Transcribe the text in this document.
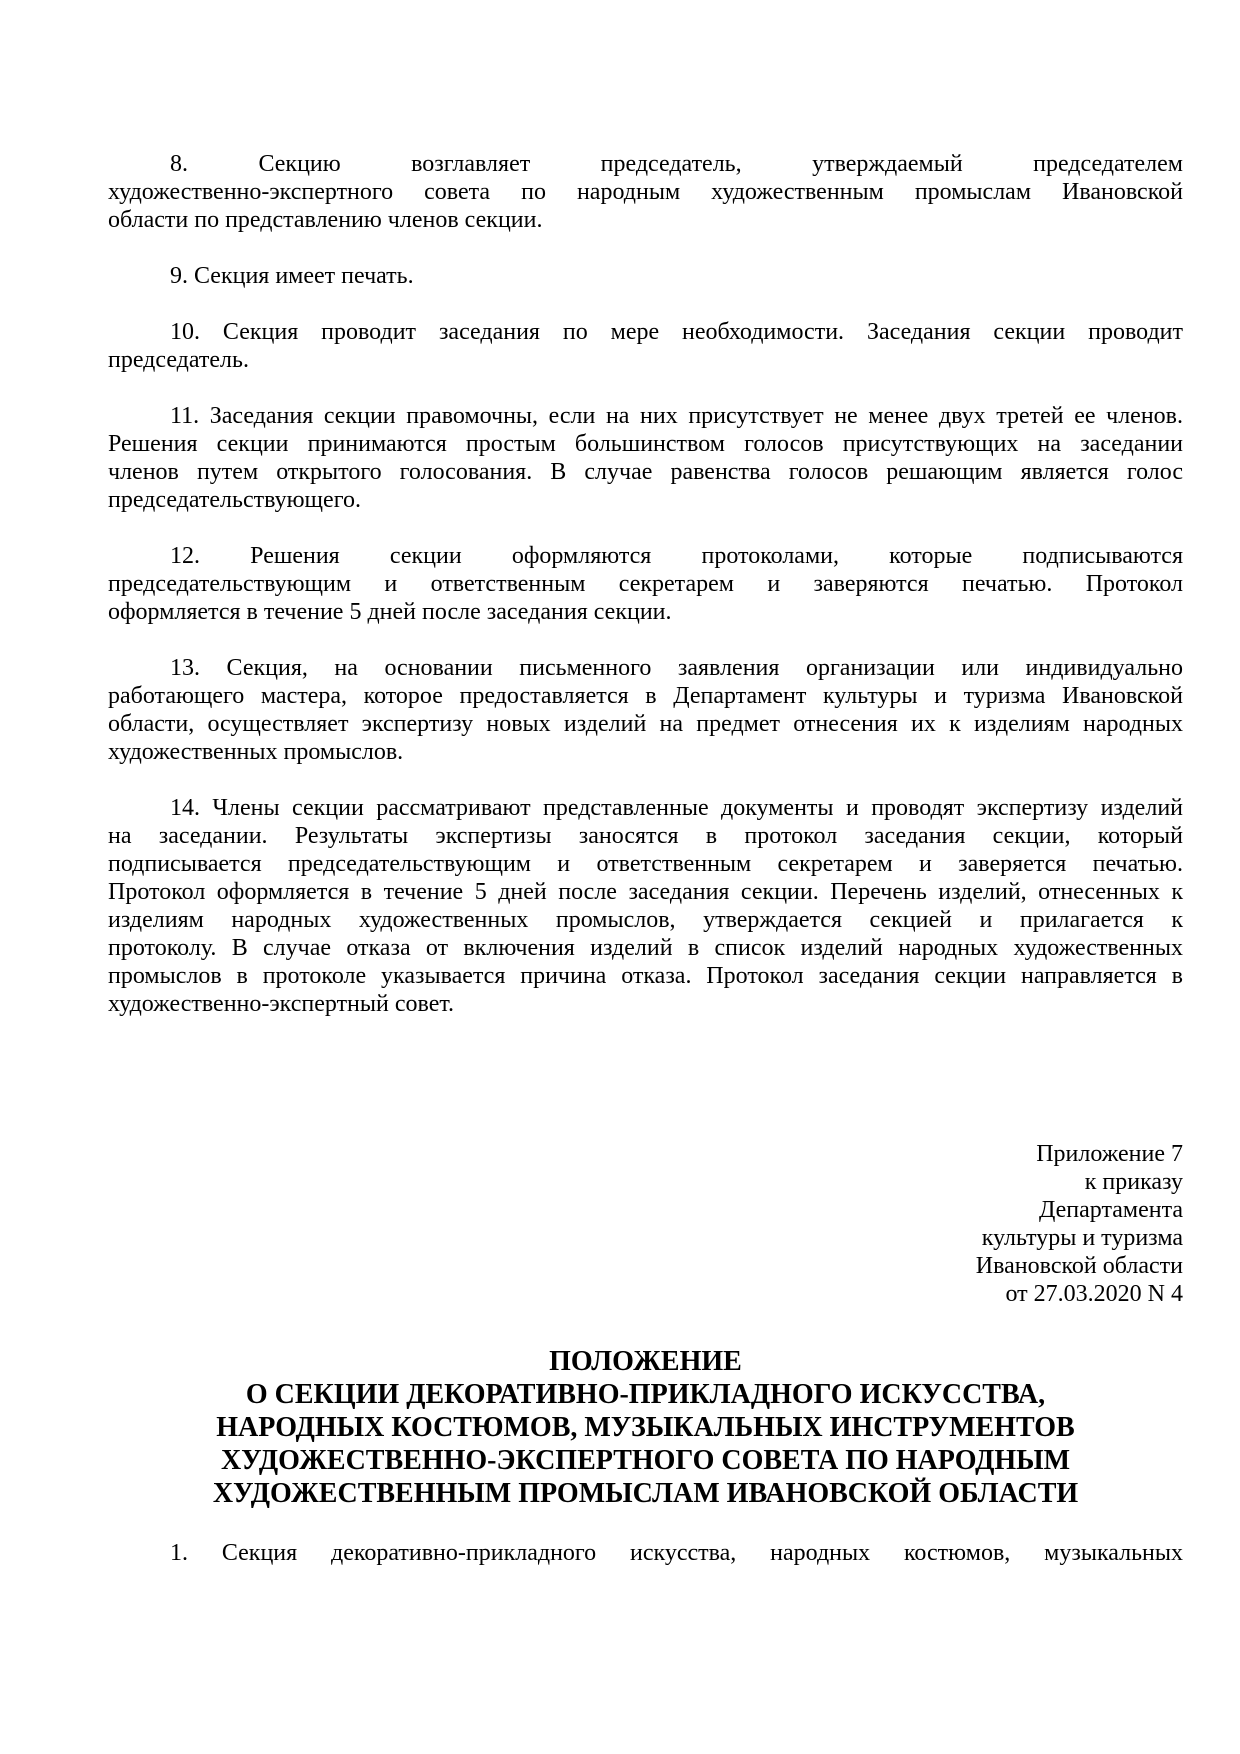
8. Секцию возглавляет председатель, утверждаемый председателем
художественно-экспертного совета по народным художественным промыслам Ивановской
области по представлению членов секции.
9. Секция имеет печать.
10. Секция проводит заседания по мере необходимости. Заседания секции проводит
председатель.
11. Заседания секции правомочны, если на них присутствует не менее двух третей ее членов.
Решения секции принимаются простым большинством голосов присутствующих на заседании
членов путем открытого голосования. В случае равенства голосов решающим является голос
председательствующего.
12. Решения секции оформляются протоколами, которые подписываются
председательствующим и ответственным секретарем и заверяются печатью. Протокол
оформляется в течение 5 дней после заседания секции.
13. Секция, на основании письменного заявления организации или индивидуально
работающего мастера, которое предоставляется в Департамент культуры и туризма Ивановской
области, осуществляет экспертизу новых изделий на предмет отнесения их к изделиям народных
художественных промыслов.
14. Члены секции рассматривают представленные документы и проводят экспертизу изделий
на заседании. Результаты экспертизы заносятся в протокол заседания секции, который
подписывается председательствующим и ответственным секретарем и заверяется печатью.
Протокол оформляется в течение 5 дней после заседания секции. Перечень изделий, отнесенных к
изделиям народных художественных промыслов, утверждается секцией и прилагается к
протоколу. В случае отказа от включения изделий в список изделий народных художественных
промыслов в протоколе указывается причина отказа. Протокол заседания секции направляется в
художественно-экспертный совет.
Приложение 7
к приказу
Департамента
культуры и туризма
Ивановской области
от 27.03.2020 N 4
ПОЛОЖЕНИЕ
О СЕКЦИИ ДЕКОРАТИВНО-ПРИКЛАДНОГО ИСКУССТВА,
НАРОДНЫХ КОСТЮМОВ, МУЗЫКАЛЬНЫХ ИНСТРУМЕНТОВ
ХУДОЖЕСТВЕННО-ЭКСПЕРТНОГО СОВЕТА ПО НАРОДНЫМ
ХУДОЖЕСТВЕННЫМ ПРОМЫСЛАМ ИВАНОВСКОЙ ОБЛАСТИ
1. Секция декоративно-прикладного искусства, народных костюмов, музыкальных
